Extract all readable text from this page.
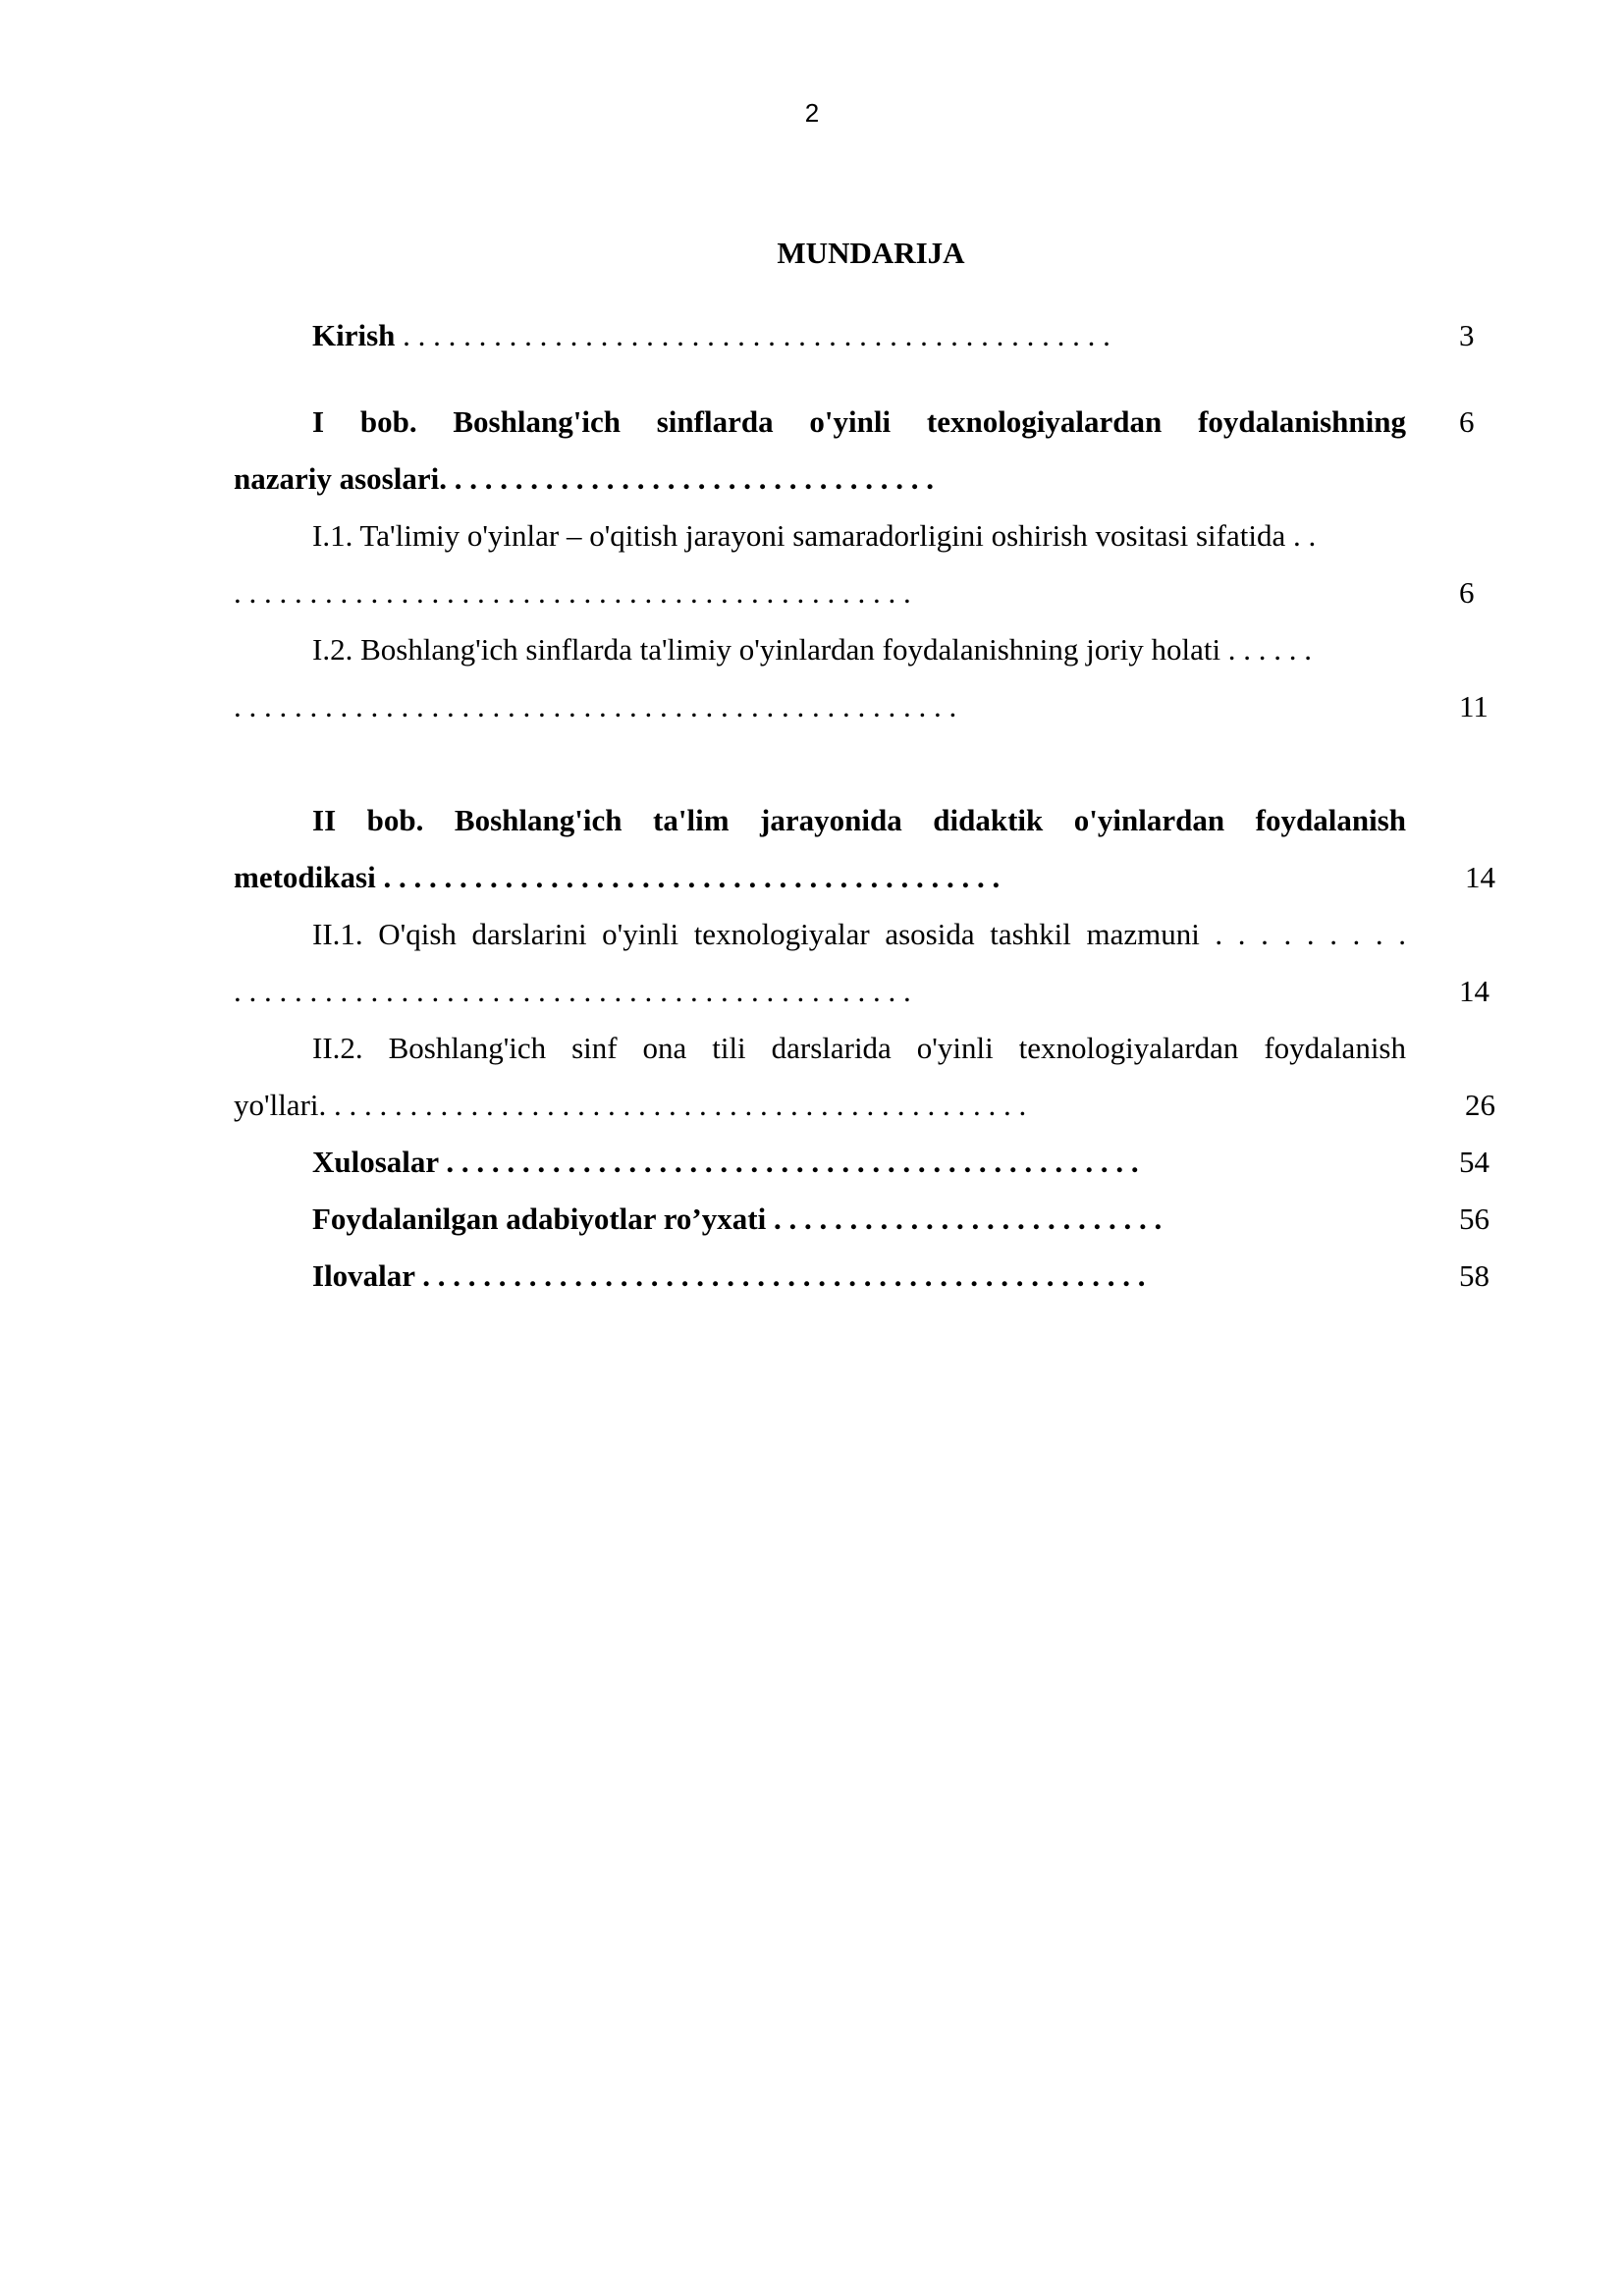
2
MUNDARIJA
Kirish . . . . . . . . . . . . . . . . . . . . . . . . . . . . . . . . . . . . . . . . . . . . . . .	3
I bob. Boshlang'ich sinflarda o'yinli texnologiyalardan foydalanishning 6
nazariy asoslari. . . . . . . . . . . . . . . . . . . . . . . . . . . . . . . . .
I.1. Ta'limiy o'yinlar – o'qitish jarayoni samaradorligini oshirish vositasi sifatida . .
. . . . . . . . . . . . . . . . . . . . . . . . . . . . . . . . . . . . . . . . . . . . .	6
I.2. Boshlang'ich sinflarda ta'limiy o'yinlardan foydalanishning joriy holati . . . . . .
. . . . . . . . . . . . . . . . . . . . . . . . . . . . . . . . . . . . . . . . . . . . . . . .	11
II bob. Boshlang'ich ta'lim jarayonida didaktik o'yinlardan foydalanish
metodikasi . . . . . . . . . . . . . . . . . . . . . . . . . . . . . . . . . . . . . . . . .	14
II.1. O'qish darslarini o'yinli texnologiyalar asosida tashkil mazmuni . . . . . . . . .
. . . . . . . . . . . . . . . . . . . . . . . . . . . . . . . . . . . . . . . . . . . . .	14
II.2. Boshlang'ich sinf ona tili darslarida o'yinli texnologiyalardan foydalanish
yo'llari. . . . . . . . . . . . . . . . . . . . . . . . . . . . . . . . . . . . . . . . . . . . . . .	26
Xulosalar . . . . . . . . . . . . . . . . . . . . . . . . . . . . . . . . . . . . . . . . . . . . . .	54
Foydalanilgan adabiyotlar ro’yxati . . . . . . . . . . . . . . . . . . . . . . . . . .	56
Ilovalar . . . . . . . . . . . . . . . . . . . . . . . . . . . . . . . . . . . . . . . . . . . . . . . .	58
